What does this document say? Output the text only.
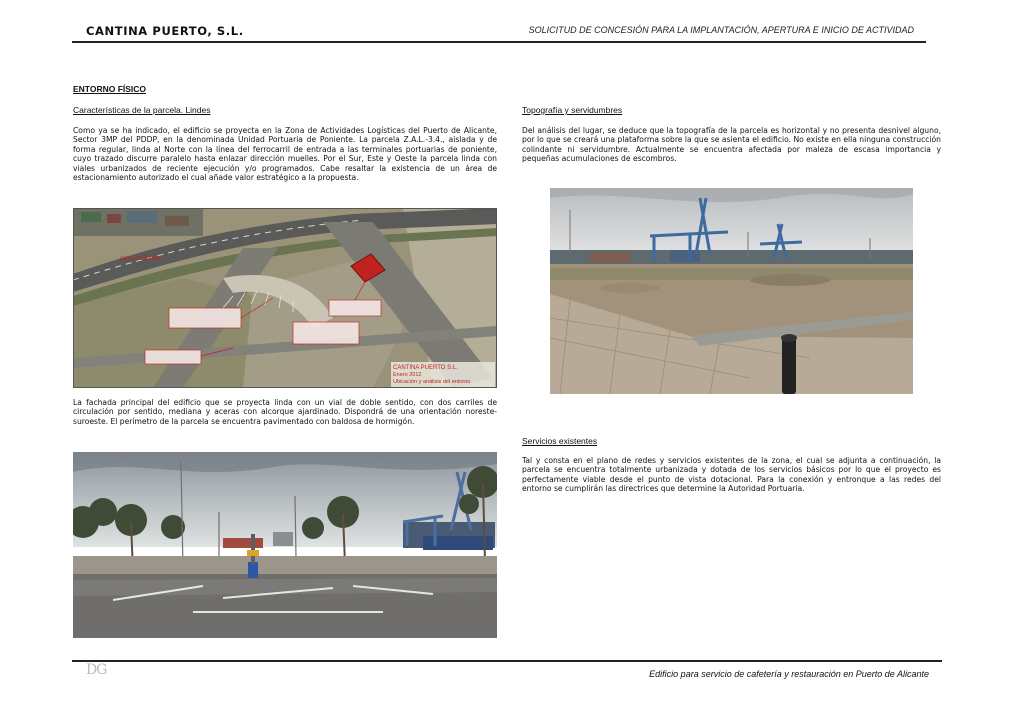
CANTINA PUERTO, S.L.	SOLICITUD DE CONCESIÓN PARA LA IMPLANTACIÓN, APERTURA E INICIO DE ACTIVIDAD
ENTORNO FÍSICO
Características de la parcela. Lindes

Como ya se ha indicado, el edificio se proyecta en la Zona de Actividades Logísticas del Puerto de Alicante, Sector 3MP del PDDP, en la denominada Unidad Portuaria de Poniente. La parcela Z.A.L.-3.4., aislada y de forma regular, linda al Norte con la línea del ferrocarril de entrada a las terminales portuarias de poniente, cuyo trazado discurre paralelo hasta enlazar dirección muelles. Por el Sur, Este y Oeste la parcela linda con viales urbanizados de reciente ejecución y/o programados. Cabe resaltar la existencia de un área de estacionamiento autorizado el cual añade valor estratégico a la propuesta.

calle de Bilbao
CANTINA PUERTO S.L.
Enero 2012
Ubicación y análisis del entorno

La fachada principal del edificio que se proyecta linda con un vial de doble sentido, con dos carriles de circulación por sentido, mediana y aceras con alcorque ajardinado. Dispondrá de una orientación noreste-suroeste. El perímetro de la parcela se encuentra pavimentado con baldosa de hormigón.

Topografía y servidumbres

Del análisis del lugar, se deduce que la topografía de la parcela es horizontal y no presenta desnivel alguno, por lo que se creará una plataforma sobre la que se asienta el edificio. No existe en ella ninguna construcción colindante ni servidumbre. Actualmente se encuentra afectada por maleza de escasa importancia y pequeñas acumulaciones de escombros.

Servicios existentes

Tal y consta en el plano de redes y servicios existentes de la zona, el cual se adjunta a continuación, la parcela se encuentra totalmente urbanizada y dotada de los servicios básicos por lo que el proyecto es perfectamente viable desde el punto de vista dotacional. Para la conexión y entronque a las redes del entorno se cumplirán las directrices que determine la Autoridad Portuaria.

DG	Edificio para servicio de cafetería y restauración en Puerto de Alicante
